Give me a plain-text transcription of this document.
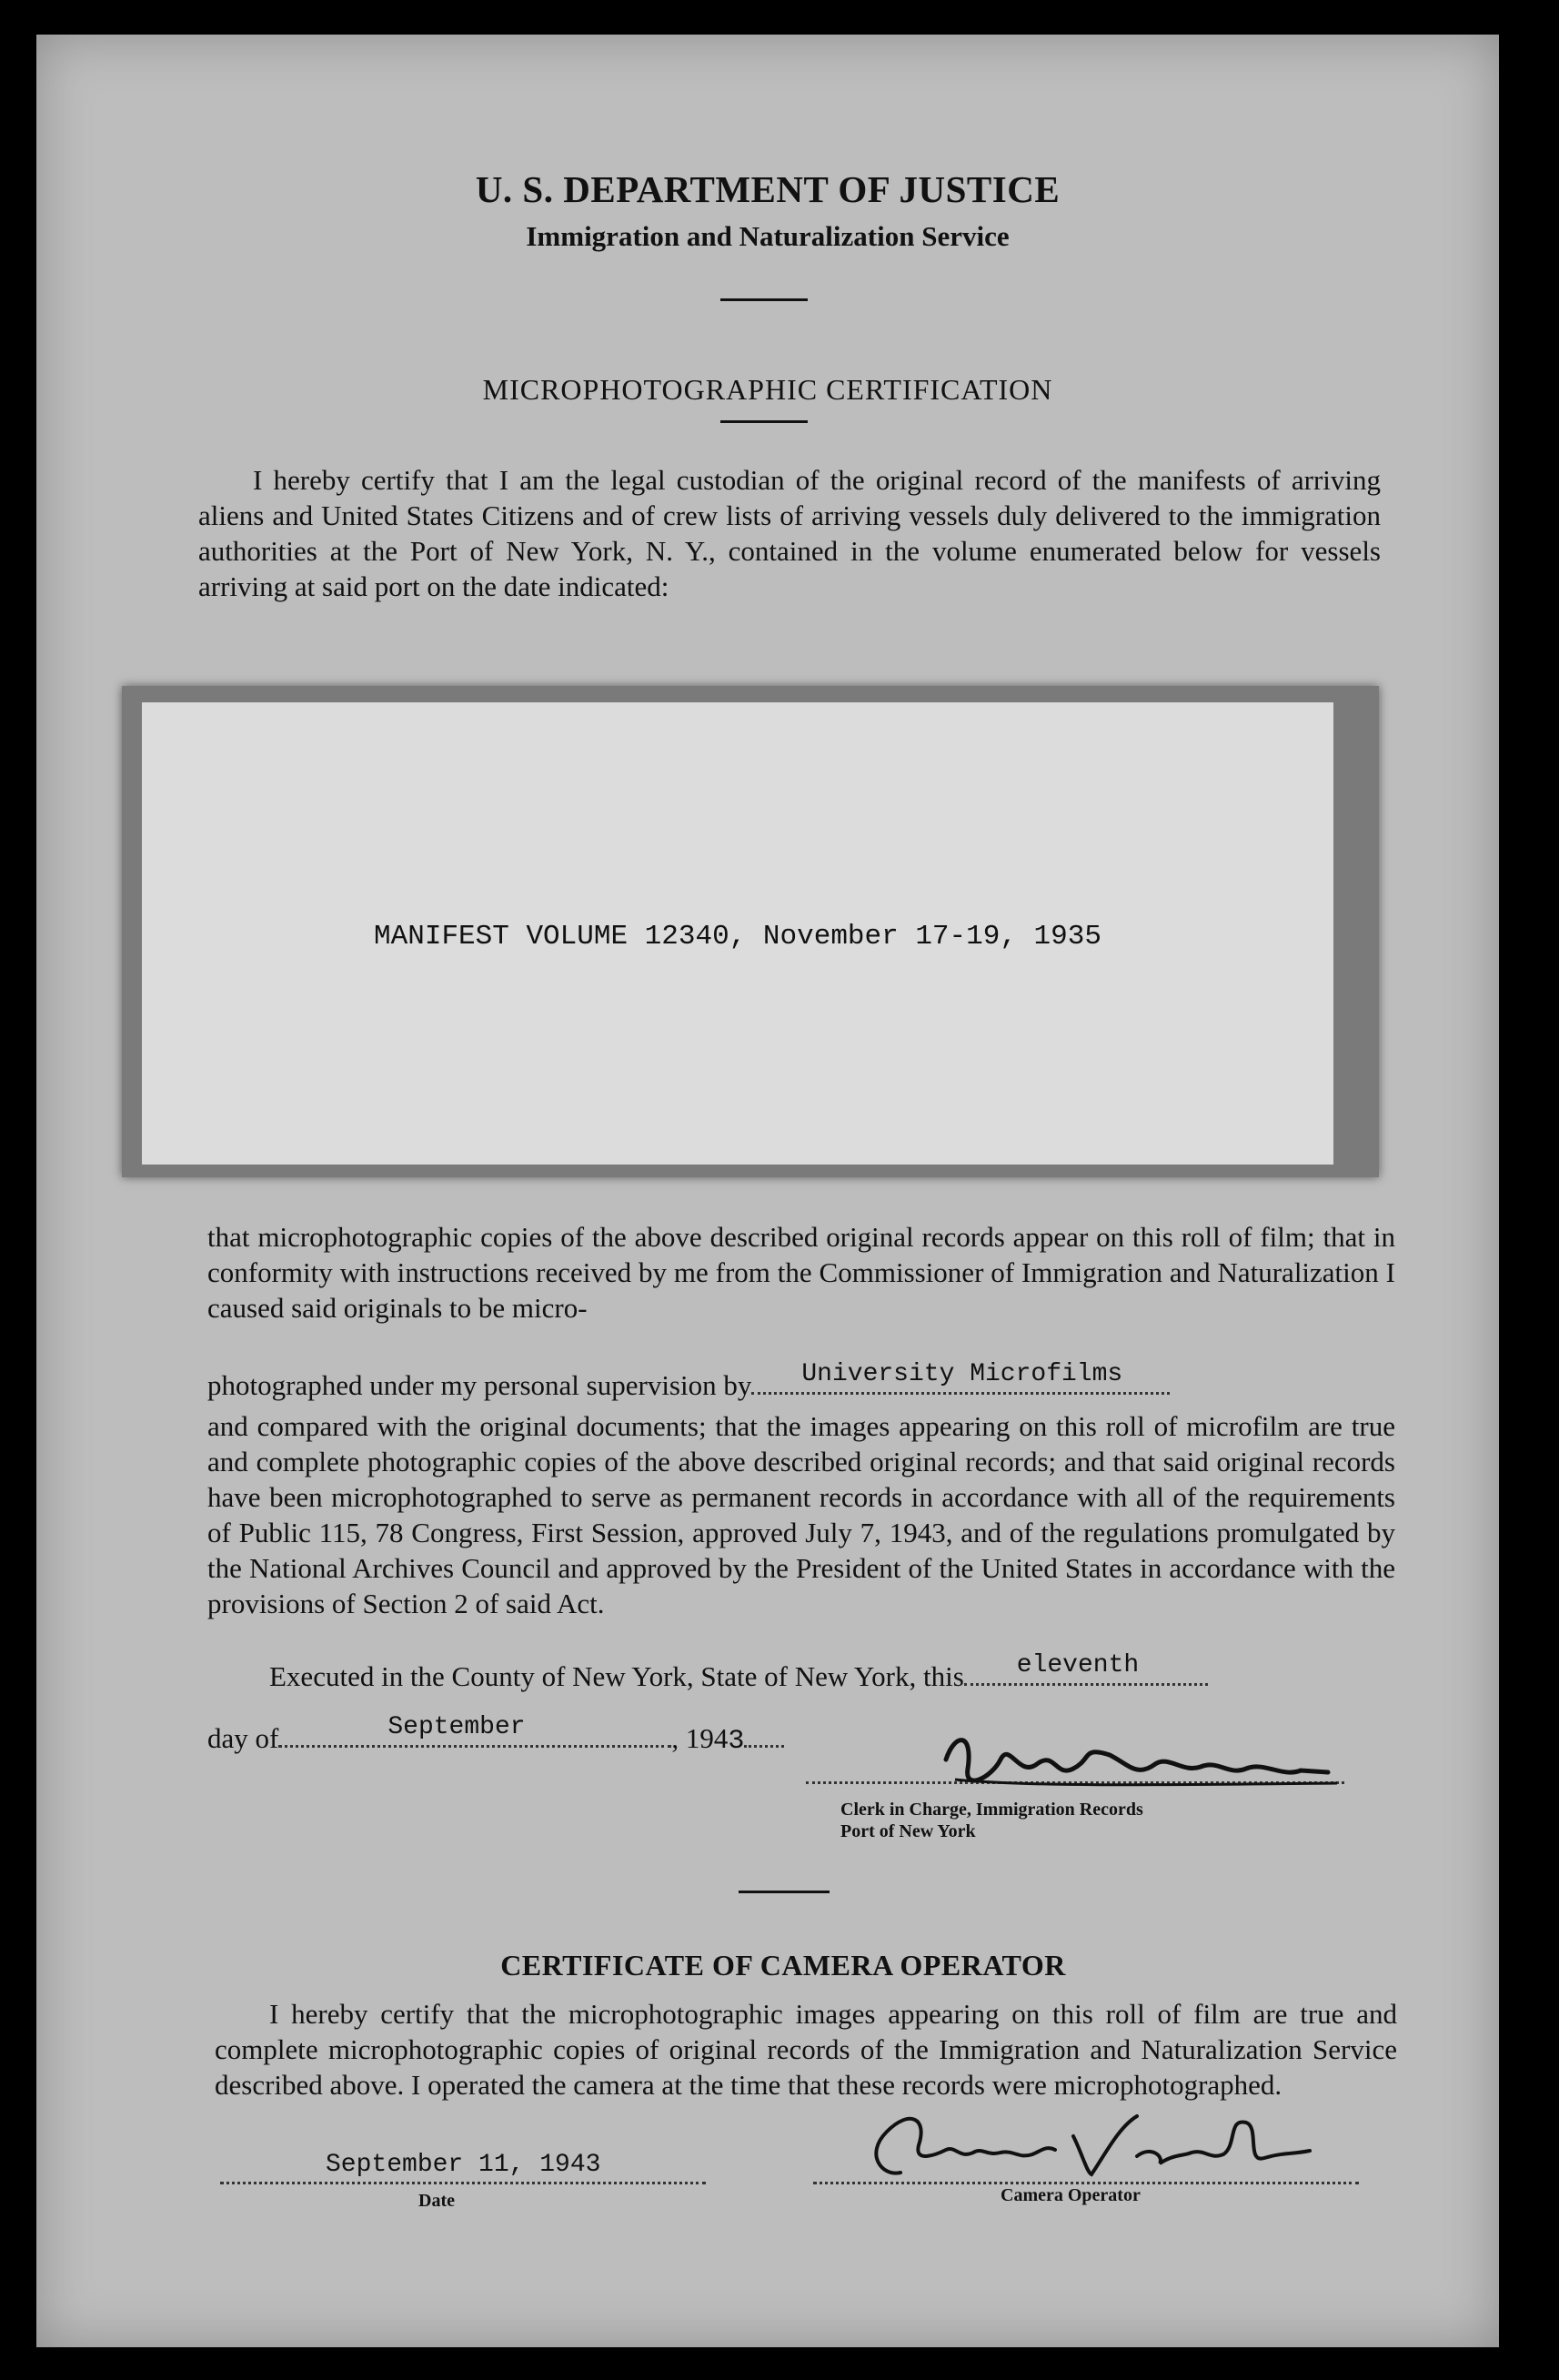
U. S. DEPARTMENT OF JUSTICE
Immigration and Naturalization Service
MICROPHOTOGRAPHIC CERTIFICATION
I hereby certify that I am the legal custodian of the original record of the manifests of arriving aliens and United States Citizens and of crew lists of arriving vessels duly delivered to the immigration authorities at the Port of New York, N. Y., contained in the volume enumerated below for vessels arriving at said port on the date indicated:
MANIFEST VOLUME 12340, November 17-19, 1935
that microphotographic copies of the above described original records appear on this roll of film; that in conformity with instructions received by me from the Commissioner of Immigration and Naturalization I caused said originals to be micro-
photographed under my personal supervision by University Microfilms
and compared with the original documents; that the images appearing on this roll of microfilm are true and complete photographic copies of the above described original records; and that said original records have been microphotographed to serve as permanent records in accordance with all of the requirements of Public 115, 78 Congress, First Session, approved July 7, 1943, and of the regulations promulgated by the National Archives Council and approved by the President of the United States in accordance with the provisions of Section 2 of said Act.
Executed in the County of New York, State of New York, this eleventh
day of	September	, 1943
Clerk in Charge, Immigration Records
Port of New York
CERTIFICATE OF CAMERA OPERATOR
I hereby certify that the microphotographic images appearing on this roll of film are true and complete microphotographic copies of original records of the Immigration and Naturalization Service described above. I operated the camera at the time that these records were microphotographed.
September 11, 1943
Date	Camera Operator
